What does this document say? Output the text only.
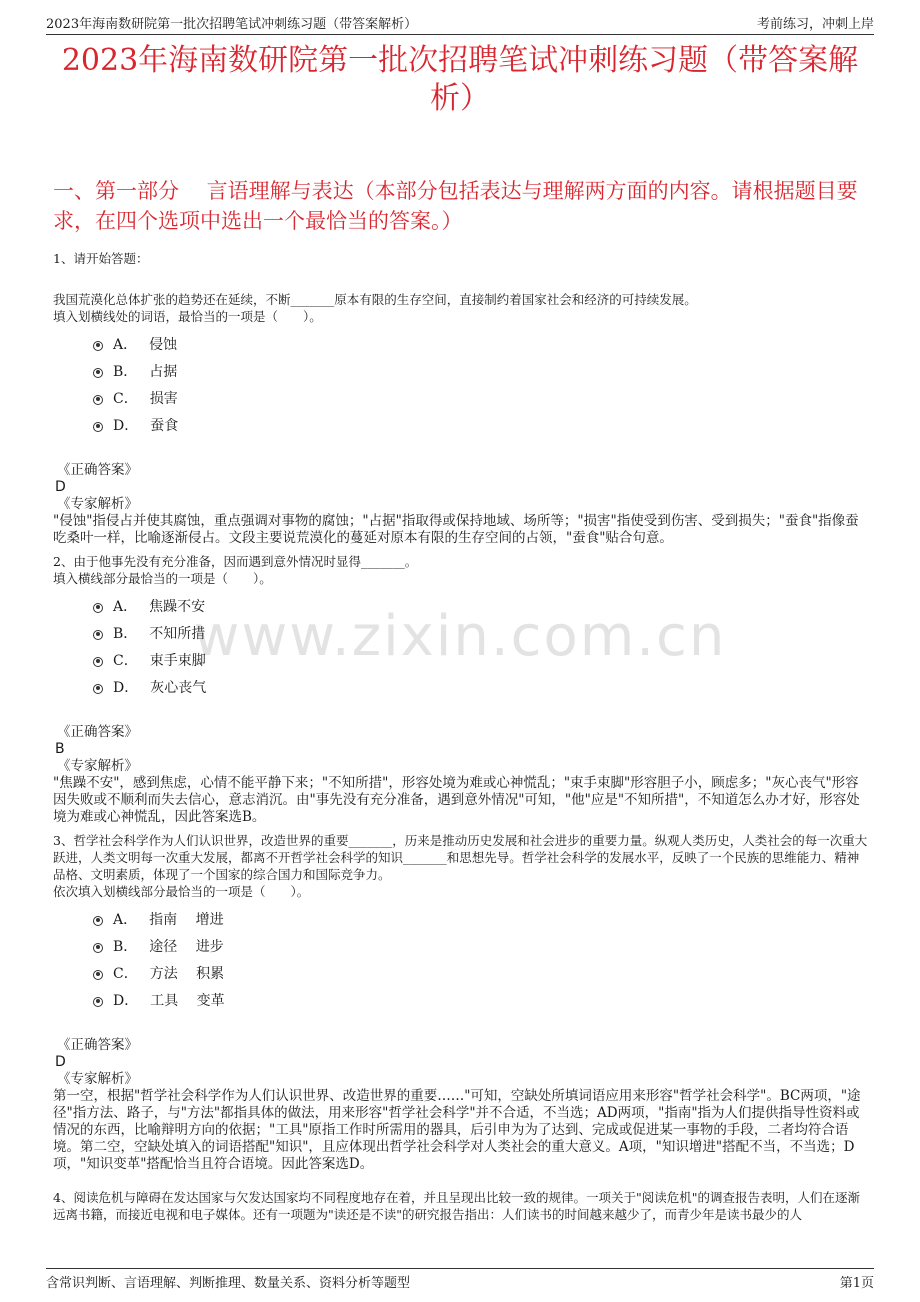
2023年海南数研院第一批次招聘笔试冲刺练习题（带答案解析）	考前练习，冲刺上岸
2023年海南数研院第一批次招聘笔试冲刺练习题（带答案解析）
一、第一部分　 言语理解与表达（本部分包括表达与理解两方面的内容。请根据题目要求，在四个选项中选出一个最恰当的答案。）
www.zixin.com.cn

1、请开始答题：

我国荒漠化总体扩张的趋势还在延续，不断_______原本有限的生存空间，直接制约着国家社会和经济的可持续发展。

填入划横线处的词语，最恰当的一项是（　　）。

A． 侵蚀
B． 占据
C． 损害
D． 蚕食

《正确答案》

D

《专家解析》

"侵蚀"指侵占并使其腐蚀，重点强调对事物的腐蚀；"占据"指取得或保持地域、场所等；"损害"指使受到伤害、受到损失；"蚕食"指像蚕吃桑叶一样，比喻逐渐侵占。文段主要说荒漠化的蔓延对原本有限的生存空间的占领，"蚕食"贴合句意。

2、由于他事先没有充分准备，因而遇到意外情况时显得_______。

填入横线部分最恰当的一项是（　　）。

A． 焦躁不安
B． 不知所措
C． 束手束脚
D． 灰心丧气

《正确答案》

B

《专家解析》

"焦躁不安"，感到焦虑，心情不能平静下来；"不知所措"，形容处境为难或心神慌乱；"束手束脚"形容胆子小，顾虑多；"灰心丧气"形容因失败或不顺利而失去信心，意志消沉。由"事先没有充分准备，遇到意外情况"可知，"他"应是"不知所措"，不知道怎么办才好，形容处境为难或心神慌乱，因此答案选B。

3、哲学社会科学作为人们认识世界，改造世界的重要_______，历来是推动历史发展和社会进步的重要力量。纵观人类历史，人类社会的每一次重大跃进，人类文明每一次重大发展，都离不开哲学社会科学的知识_______和思想先导。哲学社会科学的发展水平，反映了一个民族的思维能力、精神品格、文明素质，体现了一个国家的综合国力和国际竞争力。

依次填入划横线部分最恰当的一项是（　　）。

A． 指南　 增进
B． 途径　 进步
C． 方法　 积累
D． 工具　 变革

《正确答案》

D

《专家解析》

第一空，根据"哲学社会科学作为人们认识世界、改造世界的重要……"可知，空缺处所填词语应用来形容"哲学社会科学"。BC两项，"途径"指方法、路子，与"方法"都指具体的做法，用来形容"哲学社会科学"并不合适，不当选；AD两项，"指南"指为人们提供指导性资料或情况的东西，比喻辩明方向的依据；"工具"原指工作时所需用的器具，后引申为为了达到、完成或促进某一事物的手段，二者均符合语境。第二空，空缺处填入的词语搭配"知识"，且应体现出哲学社会科学对人类社会的重大意义。A项，"知识增进"搭配不当，不当选；D项，"知识变革"搭配恰当且符合语境。因此答案选D。

4、阅读危机与障碍在发达国家与欠发达国家均不同程度地存在着，并且呈现出比较一致的规律。一项关于"阅读危机"的调查报告表明，人们在逐渐远离书籍，而接近电视和电子媒体。还有一项题为"读还是不读"的研究报告指出：人们读书的时间越来越少了，而青少年是读书最少的人

含常识判断、言语理解、判断推理、数量关系、资料分析等题型	第1页
